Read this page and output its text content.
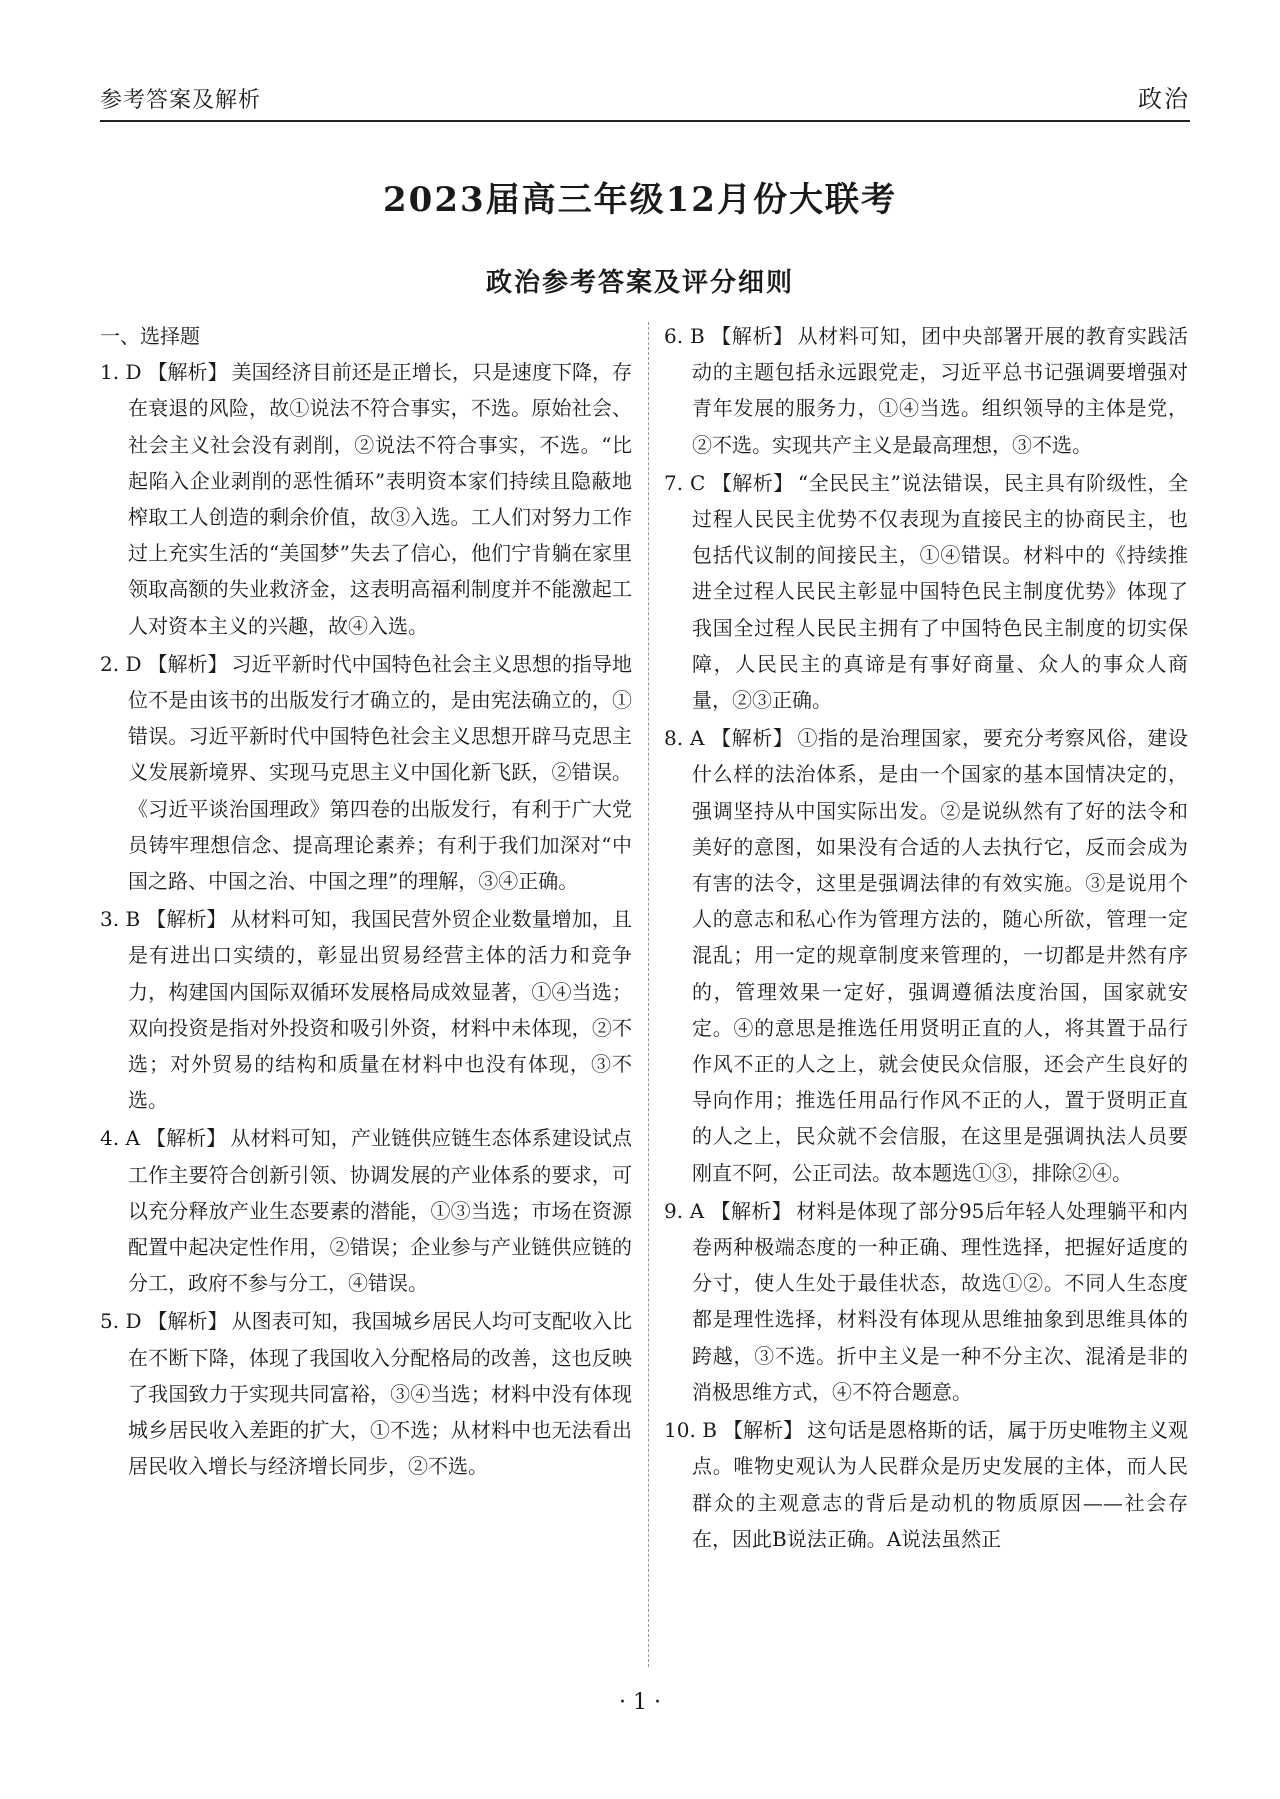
参考答案及解析	政治
2023届高三年级12月份大联考
政治参考答案及评分细则
一、选择题
1. D 【解析】 美国经济目前还是正增长，只是速度下降，存在衰退的风险，故①说法不符合事实，不选。原始社会、社会主义社会没有剥削，②说法不符合事实，不选。“比起陷入企业剥削的恶性循环”表明资本家们持续且隐蔽地榨取工人创造的剩余价值，故③入选。工人们对努力工作过上充实生活的“美国梦”失去了信心，他们宁肯躺在家里领取高额的失业救济金，这表明高福利制度并不能激起工人对资本主义的兴趣，故④入选。
2. D 【解析】 习近平新时代中国特色社会主义思想的指导地位不是由该书的出版发行才确立的，是由宪法确立的，①错误。习近平新时代中国特色社会主义思想开辟马克思主义发展新境界、实现马克思主义中国化新飞跃，②错误。《习近平谈治国理政》第四卷的出版发行，有利于广大党员铸牢理想信念、提高理论素养；有利于我们加深对“中国之路、中国之治、中国之理”的理解，③④正确。
3. B 【解析】 从材料可知，我国民营外贸企业数量增加，且是有进出口实绩的，彰显出贸易经营主体的活力和竞争力，构建国内国际双循环发展格局成效显著，①④当选；双向投资是指对外投资和吸引外资，材料中未体现，②不选；对外贸易的结构和质量在材料中也没有体现，③不选。
4. A 【解析】 从材料可知，产业链供应链生态体系建设试点工作主要符合创新引领、协调发展的产业体系的要求，可以充分释放产业生态要素的潜能，①③当选；市场在资源配置中起决定性作用，②错误；企业参与产业链供应链的分工，政府不参与分工，④错误。
5. D 【解析】 从图表可知，我国城乡居民人均可支配收入比在不断下降，体现了我国收入分配格局的改善，这也反映了我国致力于实现共同富裕，③④当选；材料中没有体现城乡居民收入差距的扩大，①不选；从材料中也无法看出居民收入增长与经济增长同步，②不选。
6. B 【解析】 从材料可知，团中央部署开展的教育实践活动的主题包括永远跟党走，习近平总书记强调要增强对青年发展的服务力，①④当选。组织领导的主体是党，②不选。实现共产主义是最高理想，③不选。
7. C 【解析】 “全民民主”说法错误，民主具有阶级性，全过程人民民主优势不仅表现为直接民主的协商民主，也包括代议制的间接民主，①④错误。材料中的《持续推进全过程人民民主彰显中国特色民主制度优势》体现了我国全过程人民民主拥有了中国特色民主制度的切实保障，人民民主的真谛是有事好商量、众人的事众人商量，②③正确。
8. A 【解析】 ①指的是治理国家，要充分考察风俗，建设什么样的法治体系，是由一个国家的基本国情决定的，强调坚持从中国实际出发。②是说纵然有了好的法令和美好的意图，如果没有合适的人去执行它，反而会成为有害的法令，这里是强调法律的有效实施。③是说用个人的意志和私心作为管理方法的，随心所欲，管理一定混乱；用一定的规章制度来管理的，一切都是井然有序的，管理效果一定好，强调遵循法度治国，国家就安定。④的意思是推选任用贤明正直的人，将其置于品行作风不正的人之上，就会使民众信服，还会产生良好的导向作用；推选任用品行作风不正的人，置于贤明正直的人之上，民众就不会信服，在这里是强调执法人员要刚直不阿，公正司法。故本题选①③，排除②④。
9. A 【解析】 材料是体现了部分95后年轻人处理躺平和内卷两种极端态度的一种正确、理性选择，把握好适度的分寸，使人生处于最佳状态，故选①②。不同人生态度都是理性选择，材料没有体现从思维抽象到思维具体的跨越，③不选。折中主义是一种不分主次、混淆是非的消极思维方式，④不符合题意。
10. B 【解析】 这句话是恩格斯的话，属于历史唯物主义观点。唯物史观认为人民群众是历史发展的主体，而人民群众的主观意志的背后是动机的物质原因——社会存在，因此B说法正确。A说法虽然正
· 1 ·
